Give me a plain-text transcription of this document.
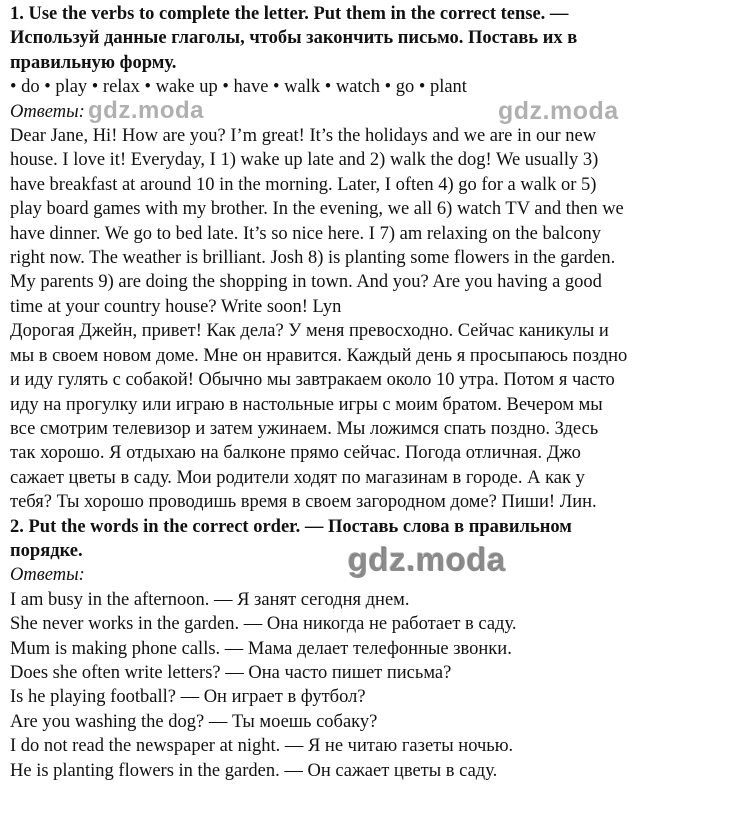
1. Use the verbs to complete the letter. Put them in the correct tense. —
Используй данные глаголы, чтобы закончить письмо. Поставь их в
правильную форму.
• do • play • relax • wake up • have • walk • watch • go • plant
Ответы:
Dear Jane, Hi! How are you? I’m great! It’s the holidays and we are in our new
house. I love it! Everyday, I 1) wake up late and 2) walk the dog! We usually 3)
have breakfast at around 10 in the morning. Later, I often 4) go for a walk or 5)
play board games with my brother. In the evening, we all 6) watch TV and then we
have dinner. We go to bed late. It’s so nice here. I 7) am relaxing on the balcony
right now. The weather is brilliant. Josh 8) is planting some flowers in the garden.
My parents 9) are doing the shopping in town. And you? Are you having a good
time at your country house? Write soon! Lyn
Дорогая Джейн, привет! Как дела? У меня превосходно. Сейчас каникулы и
мы в своем новом доме. Мне он нравится. Каждый день я просыпаюсь поздно
и иду гулять с собакой! Обычно мы завтракаем около 10 утра. Потом я часто
иду на прогулку или играю в настольные игры с моим братом. Вечером мы
все смотрим телевизор и затем ужинаем. Мы ложимся спать поздно. Здесь
так хорошо. Я отдыхаю на балконе прямо сейчас. Погода отличная. Джо
сажает цветы в саду. Мои родители ходят по магазинам в городе. А как у
тебя? Ты хорошо проводишь время в своем загородном доме? Пиши! Лин.
2. Put the words in the correct order. — Поставь слова в правильном
порядке.
Ответы:
I am busy in the afternoon. — Я занят сегодня днем.
She never works in the garden. — Она никогда не работает в саду.
Mum is making phone calls. — Мама делает телефонные звонки.
Does she often write letters? — Она часто пишет письма?
Is he playing football? — Он играет в футбол?
Are you washing the dog? — Ты моешь собаку?
I do not read the newspaper at night. — Я не читаю газеты ночью.
He is planting flowers in the garden. — Он сажает цветы в саду.
gdz.moda	gdz.moda
gdz.moda
